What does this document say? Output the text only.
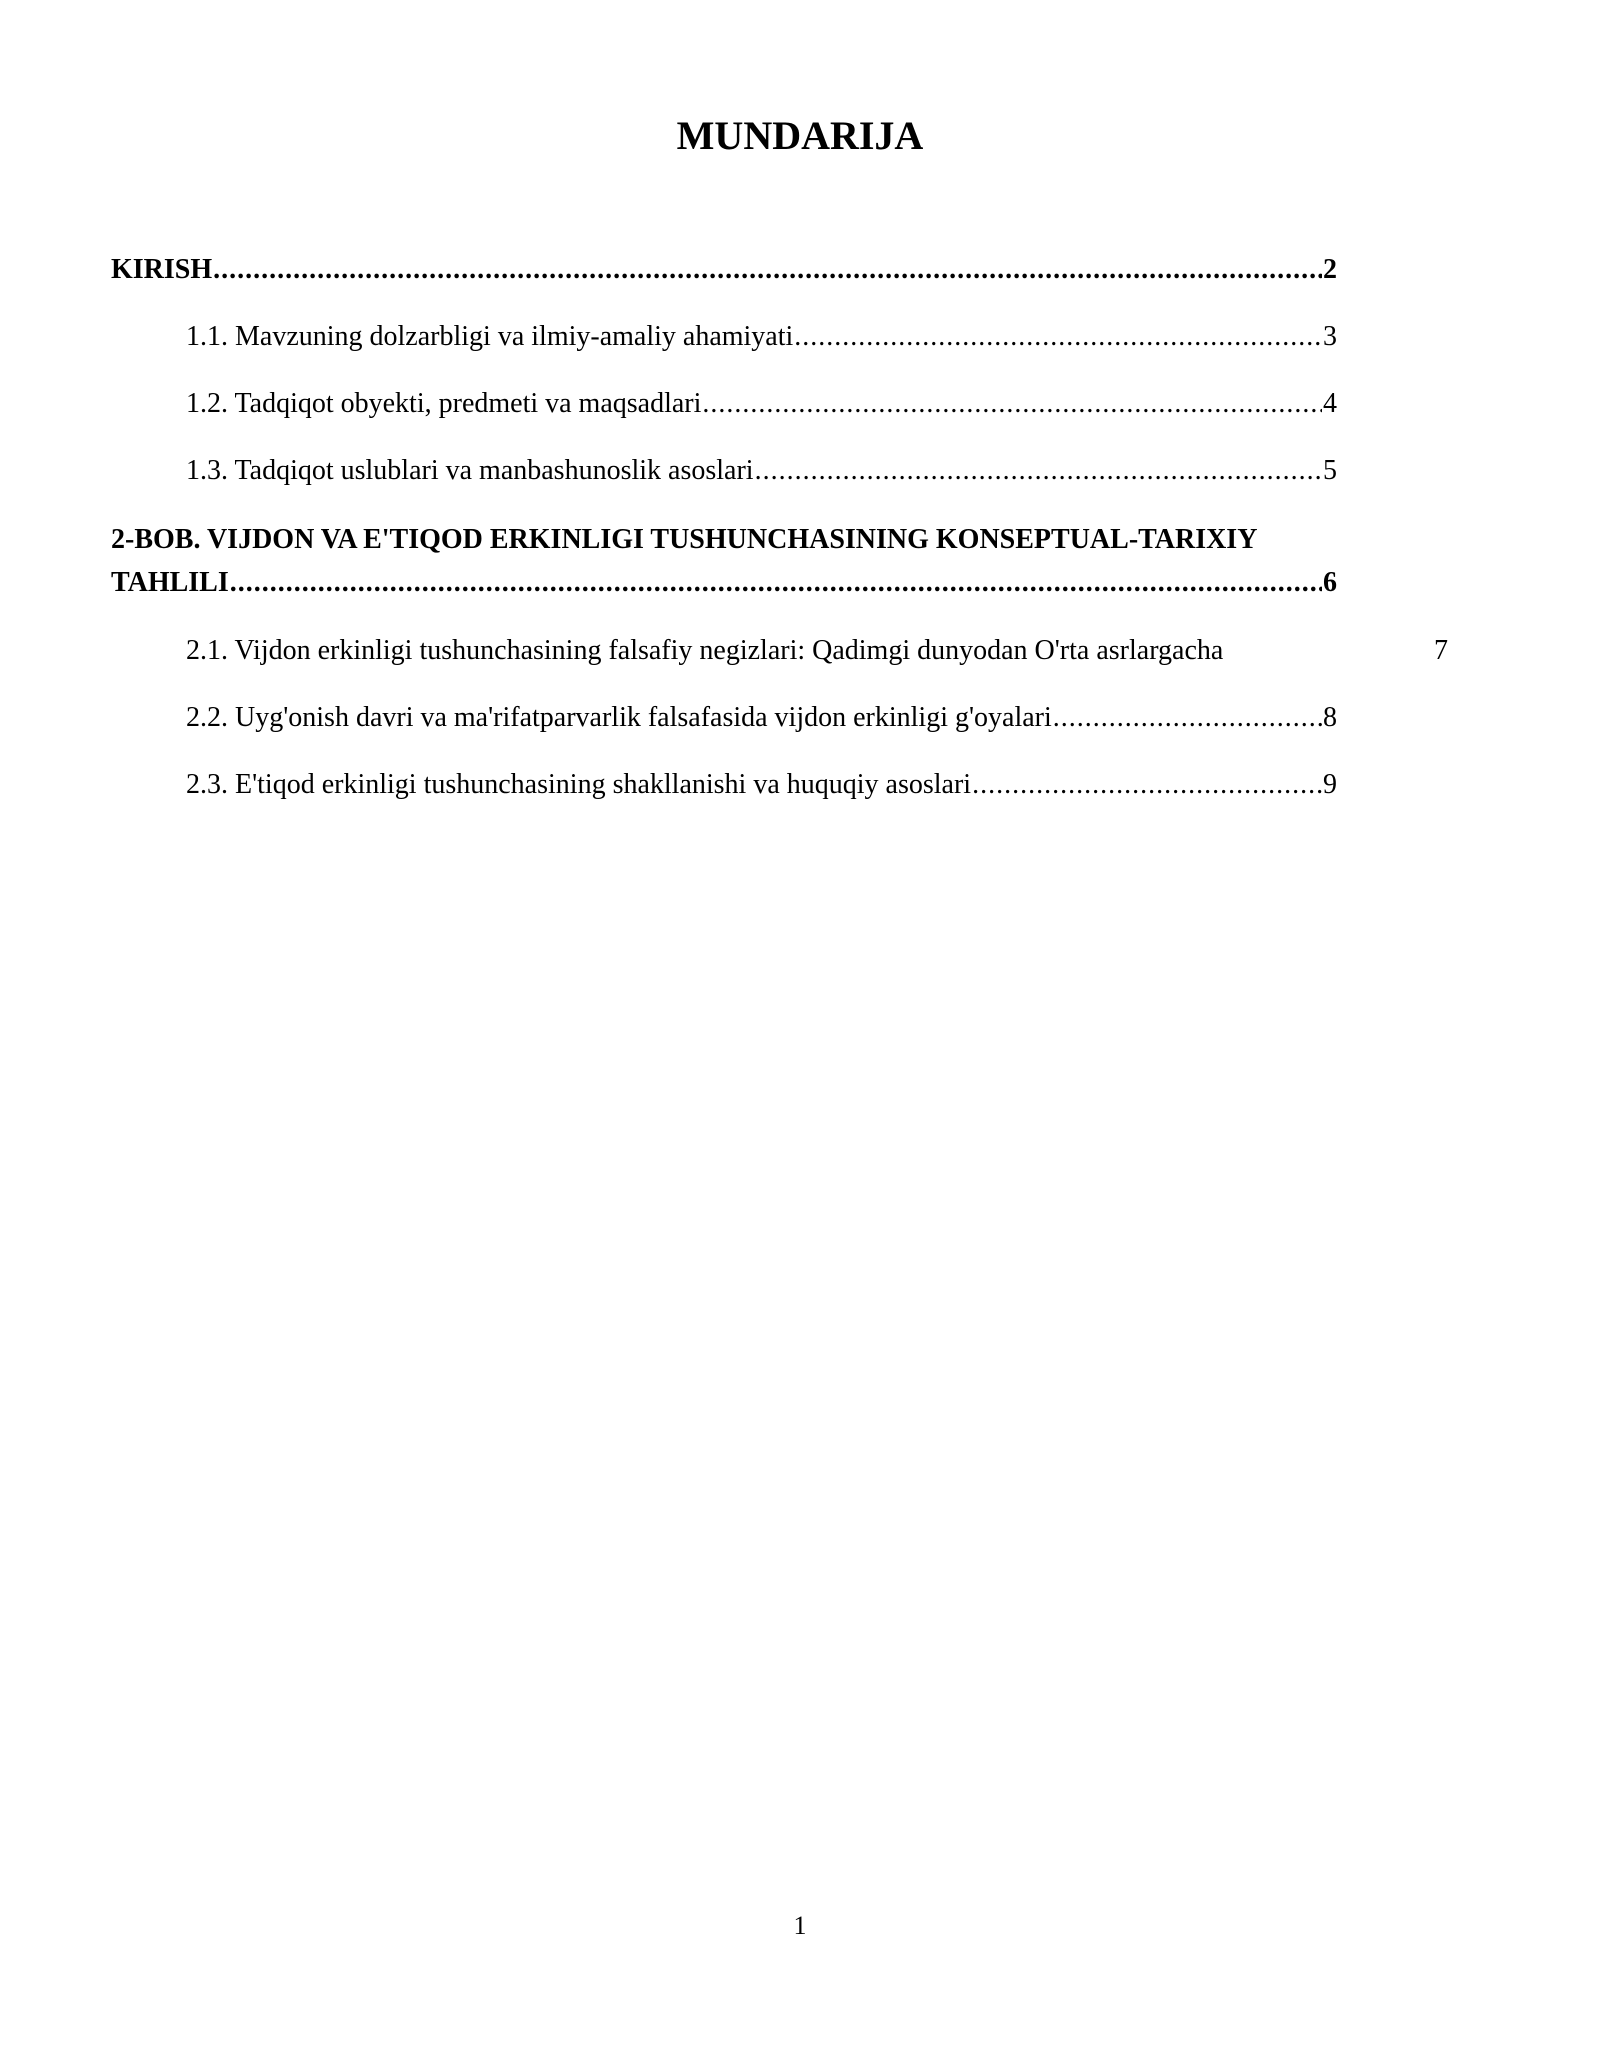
MUNDARIJA
KIRISH .....	2
1.1. Mavzuning dolzarbligi va ilmiy-amaliy ahamiyati .....	3
1.2. Tadqiqot obyekti, predmeti va maqsadlari .....	4
1.3. Tadqiqot uslublari va manbashunoslik asoslari .....	5
2-BOB. VIJDON VA E'TIQOD ERKINLIGI TUSHUNCHASINING KONSEPTUAL-TARIXIY
TAHLILI .....	6
2.1. Vijdon erkinligi tushunchasining falsafiy negizlari: Qadimgi dunyodan O'rta asrlargacha	7
2.2. Uyg'onish davri va ma'rifatparvarlik falsafasida vijdon erkinligi g'oyalari .....	8
2.3. E'tiqod erkinligi tushunchasining shakllanishi va huquqiy asoslari .....	9
1
